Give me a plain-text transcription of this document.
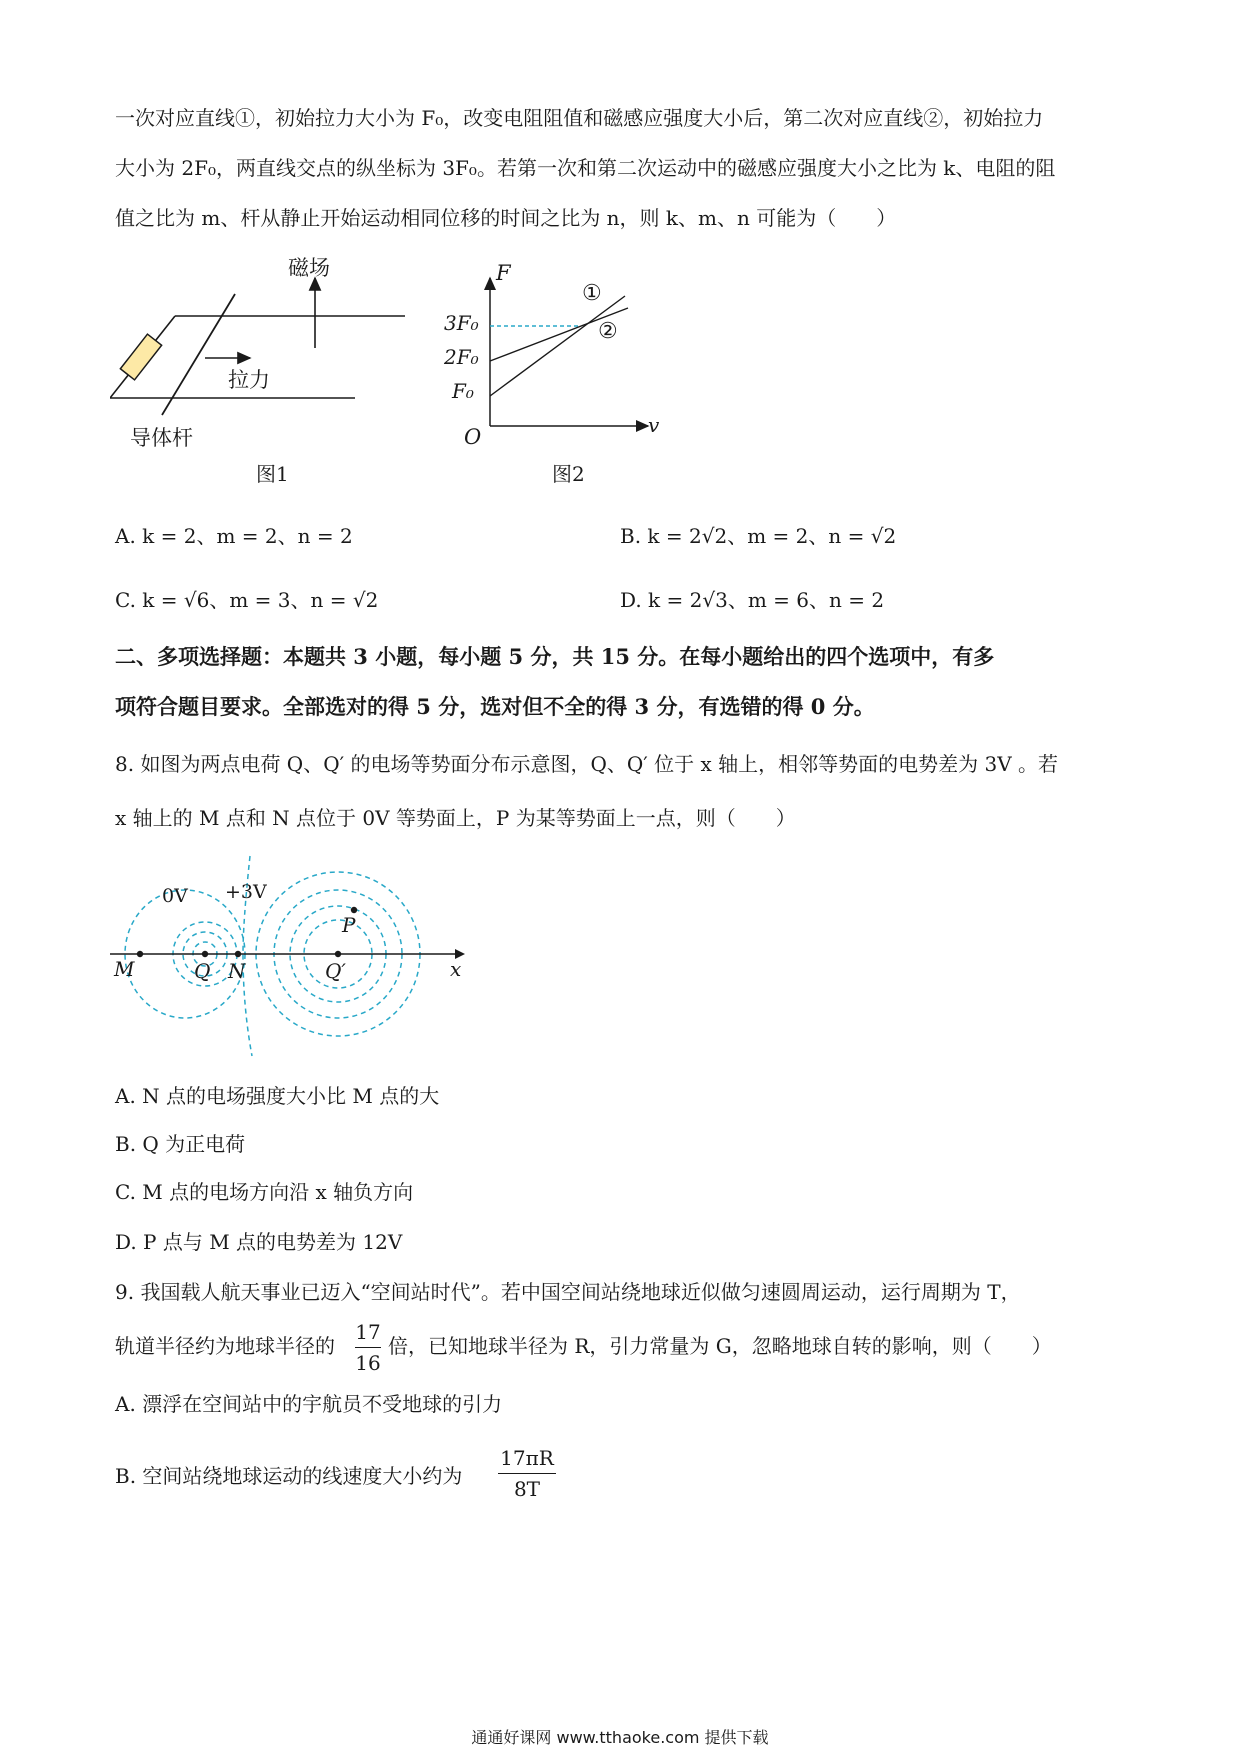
一次对应直线①，初始拉力大小为 F₀，改变电阻阻值和磁感应强度大小后，第二次对应直线②，初始拉力
大小为 2F₀，两直线交点的纵坐标为 3F₀。若第一次和第二次运动中的磁感应强度大小之比为 k、电阻的阻
值之比为 m、杆从静止开始运动相同位移的时间之比为 n，则 k、m、n 可能为（　　）
磁场
拉力
导体杆
图1
F
v
O
3F₀
2F₀
F₀
①
②
图2
A. k = 2、m = 2、n = 2	B. k = 2√2、m = 2、n = √2
C. k = √6、m = 3、n = √2	D. k = 2√3、m = 6、n = 2
二、多项选择题：本题共 3 小题，每小题 5 分，共 15 分。在每小题给出的四个选项中，有多
项符合题目要求。全部选对的得 5 分，选对但不全的得 3 分，有选错的得 0 分。
8. 如图为两点电荷 Q、Q′ 的电场等势面分布示意图，Q、Q′ 位于 x 轴上，相邻等势面的电势差为 3V 。若
x 轴上的 M 点和 N 点位于 0V 等势面上，P 为某等势面上一点，则（　　）
0V +3V
M	Q N	Q′
P
x
A. N 点的电场强度大小比 M 点的大
B. Q 为正电荷
C. M 点的电场方向沿 x 轴负方向
D. P 点与 M 点的电势差为 12V
9. 我国载人航天事业已迈入“空间站时代”。若中国空间站绕地球近似做匀速圆周运动，运行周期为 T，
轨道半径约为地球半径的
17
16
倍，已知地球半径为 R，引力常量为 G，忽略地球自转的影响，则（　　）
A. 漂浮在空间站中的宇航员不受地球的引力
B. 空间站绕地球运动的线速度大小约为
17πR
8T
通通好课网 www.tthaoke.com 提供下载
